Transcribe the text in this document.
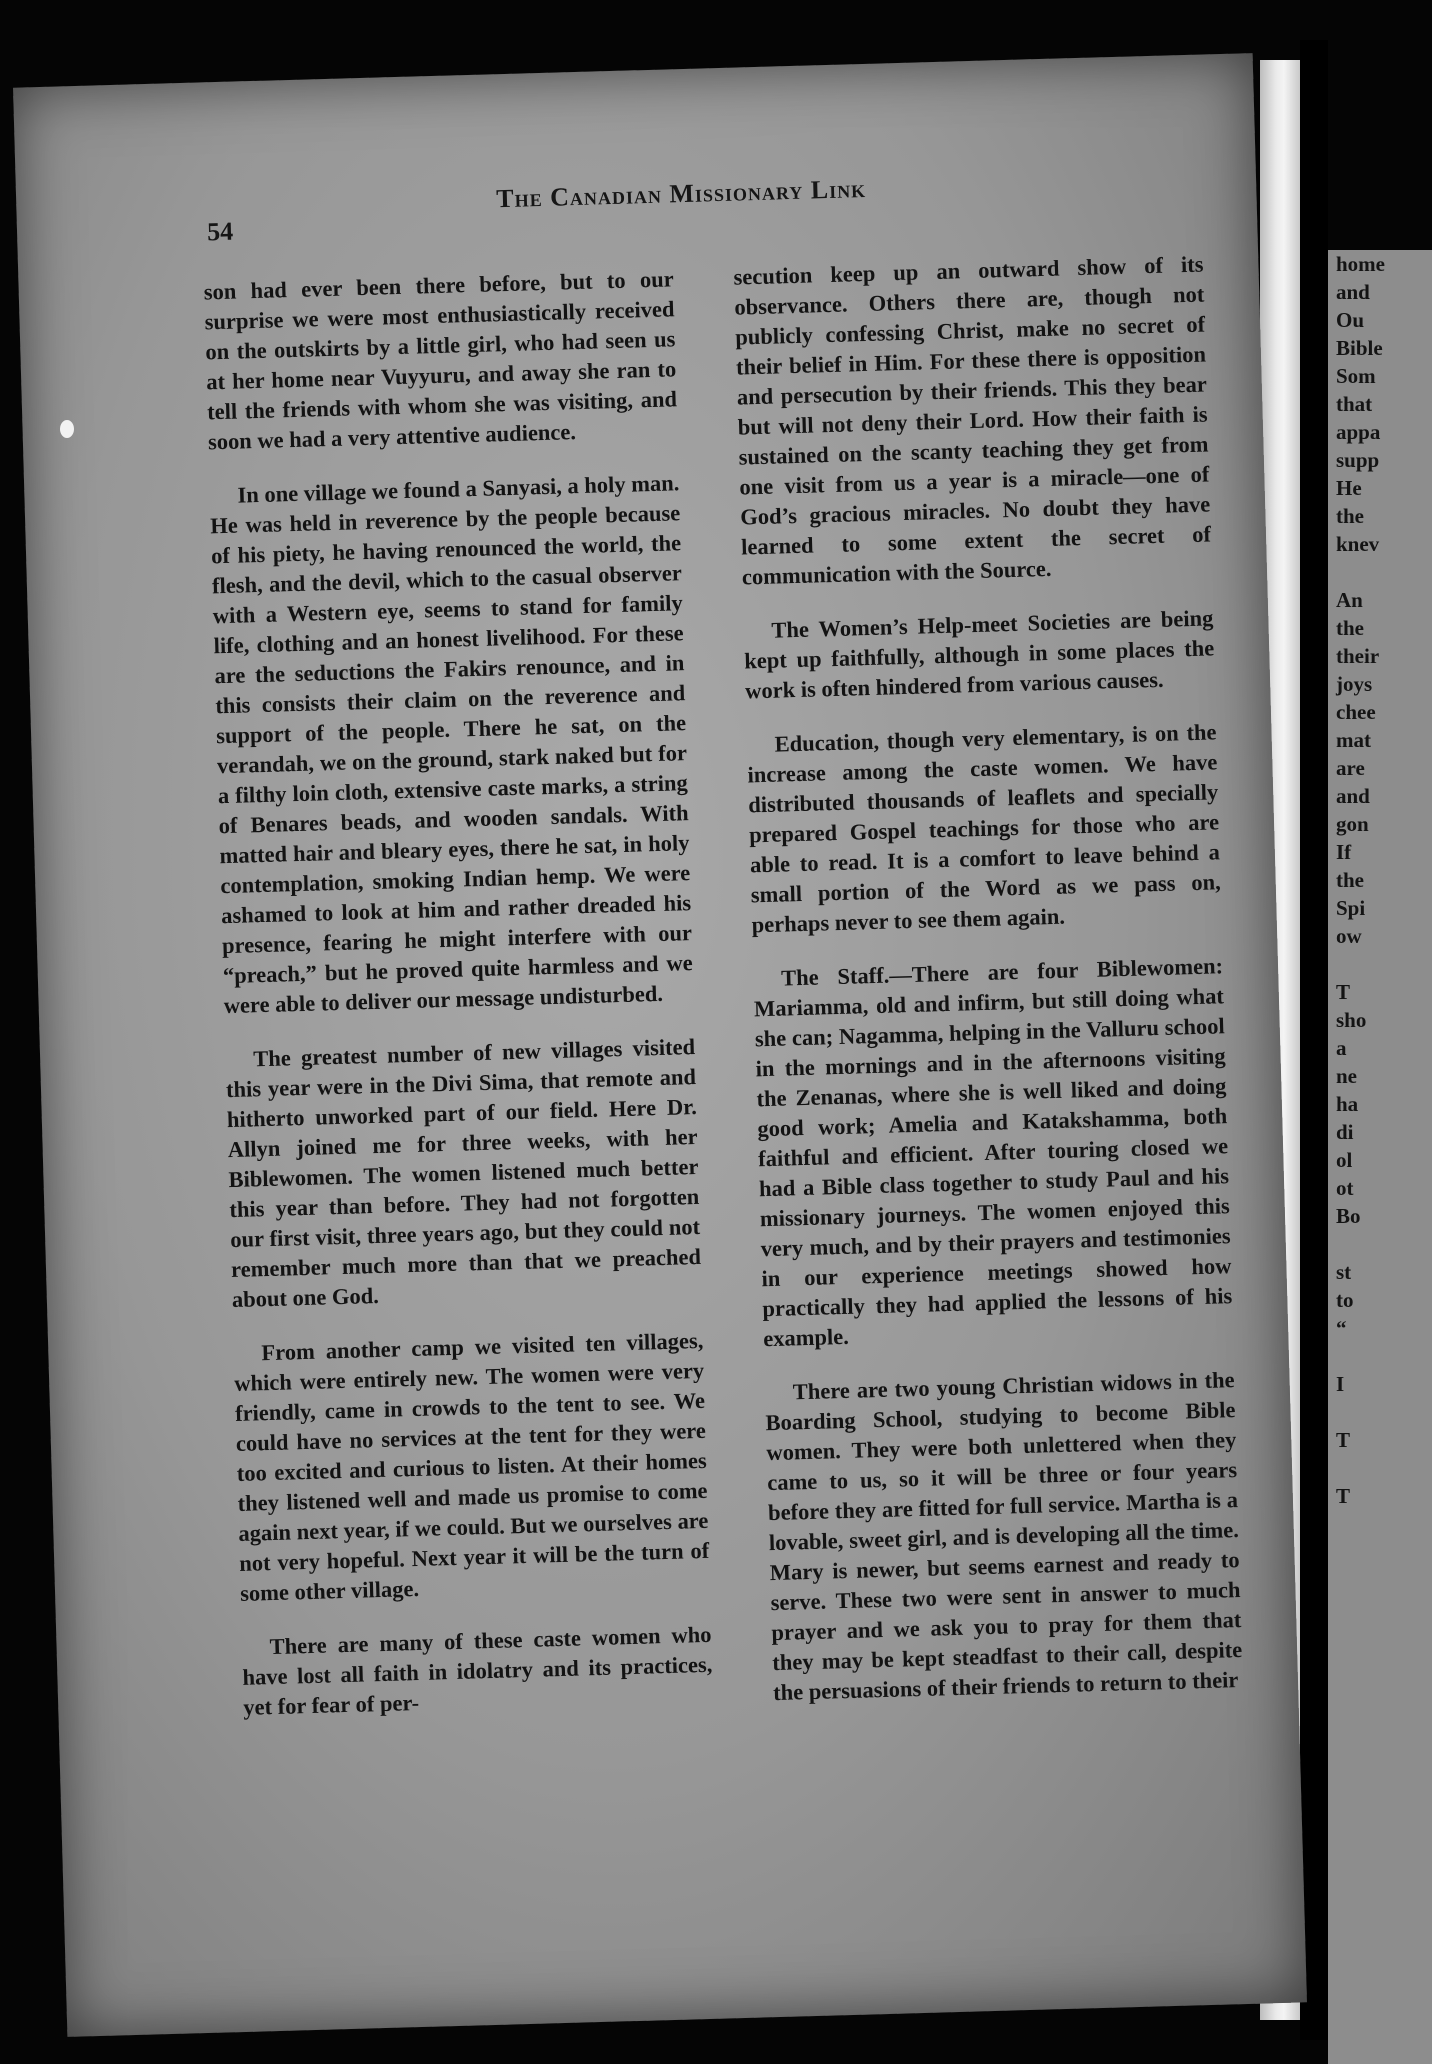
home
and
Ou
Bible
Som
that
appa
supp
He
the
knev

An
the
their
joys
chee
mat
are
and
gon
If
the
Spi
ow

T
sho
a
ne
ha
di
ol
ot
Bo

st
to
“

I

T

T
54
The Canadian Missionary Link

son had ever been there before, but to our surprise we were most enthusiastically received on the outskirts by a little girl, who had seen us at her home near Vuyyuru, and away she ran to tell the friends with whom she was visiting, and soon we had a very attentive audience.

In one village we found a Sanyasi, a holy man. He was held in reverence by the people because of his piety, he having renounced the world, the flesh, and the devil, which to the casual observer with a Western eye, seems to stand for family life, clothing and an honest livelihood. For these are the seductions the Fakirs renounce, and in this consists their claim on the reverence and support of the people. There he sat, on the verandah, we on the ground, stark naked but for a filthy loin cloth, extensive caste marks, a string of Benares beads, and wooden sandals. With matted hair and bleary eyes, there he sat, in holy contemplation, smoking Indian hemp. We were ashamed to look at him and rather dreaded his presence, fearing he might interfere with our “preach,” but he proved quite harmless and we were able to deliver our message undisturbed.

The greatest number of new villages visited this year were in the Divi Sima, that remote and hitherto unworked part of our field. Here Dr. Allyn joined me for three weeks, with her Biblewomen. The women listened much better this year than before. They had not forgotten our first visit, three years ago, but they could not remember much more than that we preached about one God.

From another camp we visited ten villages, which were entirely new. The women were very friendly, came in crowds to the tent to see. We could have no services at the tent for they were too excited and curious to listen. At their homes they listened well and made us promise to come again next year, if we could. But we ourselves are not very hopeful. Next year it will be the turn of some other village.

There are many of these caste women who have lost all faith in idolatry and its practices, yet for fear of per-

secution keep up an outward show of its observance. Others there are, though not publicly confessing Christ, make no secret of their belief in Him. For these there is opposition and persecution by their friends. This they bear but will not deny their Lord. How their faith is sustained on the scanty teaching they get from one visit from us a year is a miracle—one of God’s gracious miracles. No doubt they have learned to some extent the secret of communication with the Source.

The Women’s Help-meet Societies are being kept up faithfully, although in some places the work is often hindered from various causes.

Education, though very elementary, is on the increase among the caste women. We have distributed thousands of leaflets and specially prepared Gospel teachings for those who are able to read. It is a comfort to leave behind a small portion of the Word as we pass on, perhaps never to see them again.

The Staff.—There are four Biblewomen: Mariamma, old and infirm, but still doing what she can; Nagamma, helping in the Valluru school in the mornings and in the afternoons visiting the Zenanas, where she is well liked and doing good work; Amelia and Katakshamma, both faithful and efficient. After touring closed we had a Bible class together to study Paul and his missionary journeys. The women enjoyed this very much, and by their prayers and testimonies in our experience meetings showed how practically they had applied the lessons of his example.

There are two young Christian widows in the Boarding School, studying to become Bible women. They were both unlettered when they came to us, so it will be three or four years before they are fitted for full service. Martha is a lovable, sweet girl, and is developing all the time. Mary is newer, but seems earnest and ready to serve. These two were sent in answer to much prayer and we ask you to pray for them that they may be kept steadfast to their call, despite the persuasions of their friends to return to their
